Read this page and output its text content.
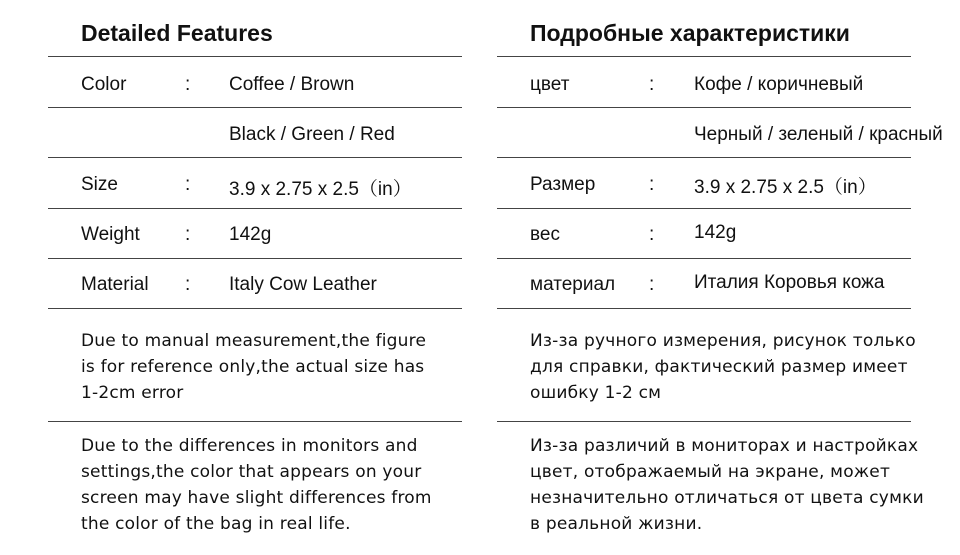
Detailed Features
Color	: Coffee / Brown
Black / Green / Red
Size	: 3.9 x 2.75 x 2.5（in）
Weight : 142g
Material : Italy Cow Leather
Due to manual measurement,the figure
is for reference only,the actual size has
1-2cm error
Due to the differences in monitors and
settings,the color that appears on your
screen may have slight differences from
the color of the bag in real life.
Подробные характеристики
цвет	: Кофе / коричневый
Черный / зеленый / красный
Размер	: 3.9 x 2.75 x 2.5（in）
вес	: 142g
материал : Италия Коровья кожа
Из-за ручного измерения, рисунок только
для справки, фактический размер имеет
ошибку 1-2 см
Из-за различий в мониторах и настройках
цвет, отображаемый на экране, может
незначительно отличаться от цвета сумки
в реальной жизни.
